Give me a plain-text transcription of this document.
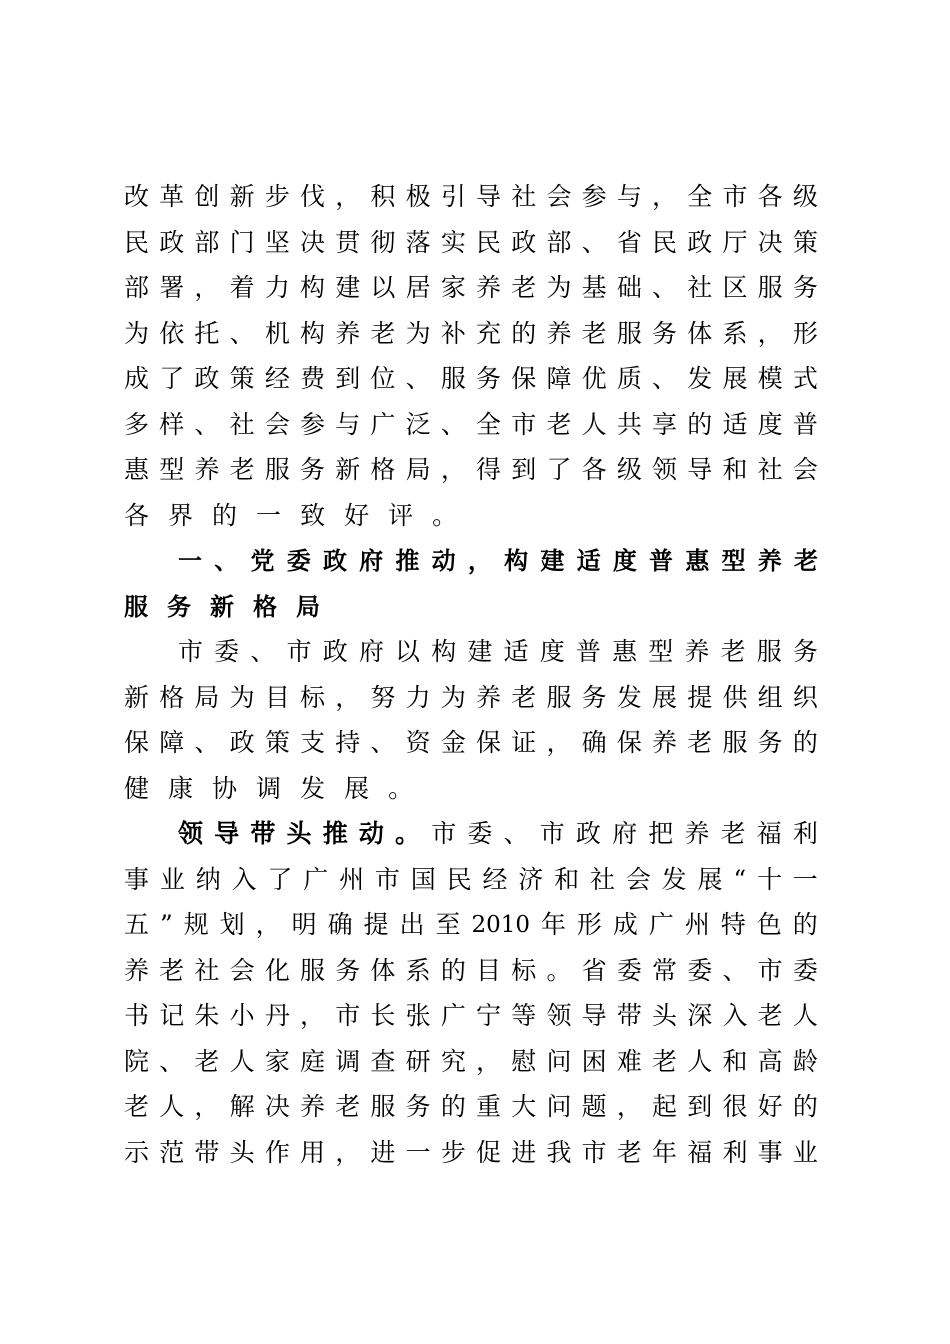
改 革 创 新 步 伐 ， 积 极 引 导 社 会 参 与 ， 全 市 各 级
民 政 部 门 坚 决 贯 彻 落 实 民 政 部 、 省 民 政 厅 决 策
部 署 ， 着 力 构 建 以 居 家 养 老 为 基 础 、 社 区 服 务
为 依 托 、 机 构 养 老 为 补 充 的 养 老 服 务 体 系 ， 形
成 了 政 策 经 费 到 位 、 服 务 保 障 优 质 、 发 展 模 式
多 样 、 社 会 参 与 广 泛 、 全 市 老 人 共 享 的 适 度 普
惠 型 养 老 服 务 新 格 局 ， 得 到 了 各 级 领 导 和 社 会
各 界 的 一 致 好 评 。
一 、 党 委 政 府 推 动 ， 构 建 适 度 普 惠 型 养 老
服 务 新 格 局
市 委 、 市 政 府 以 构 建 适 度 普 惠 型 养 老 服 务
新 格 局 为 目 标 ， 努 力 为 养 老 服 务 发 展 提 供 组 织
保 障 、 政 策 支 持 、 资 金 保 证 ， 确 保 养 老 服 务 的
健 康 协 调 发 展 。
领 导 带 头 推 动 。 市 委 、 市 政 府 把 养 老 福 利
事 业 纳 入 了 广 州 市 国 民 经 济 和 社 会 发 展 “ 十 一
五 ” 规 划 ， 明 确 提 出 至 2010 年 形 成 广 州 特 色 的
养 老 社 会 化 服 务 体 系 的 目 标 。 省 委 常 委 、 市 委
书 记 朱 小 丹 ， 市 长 张 广 宁 等 领 导 带 头 深 入 老 人
院 、 老 人 家 庭 调 查 研 究 ， 慰 问 困 难 老 人 和 高 龄
老 人 ， 解 决 养 老 服 务 的 重 大 问 题 ， 起 到 很 好 的
示 范 带 头 作 用 ， 进 一 步 促 进 我 市 老 年 福 利 事 业
